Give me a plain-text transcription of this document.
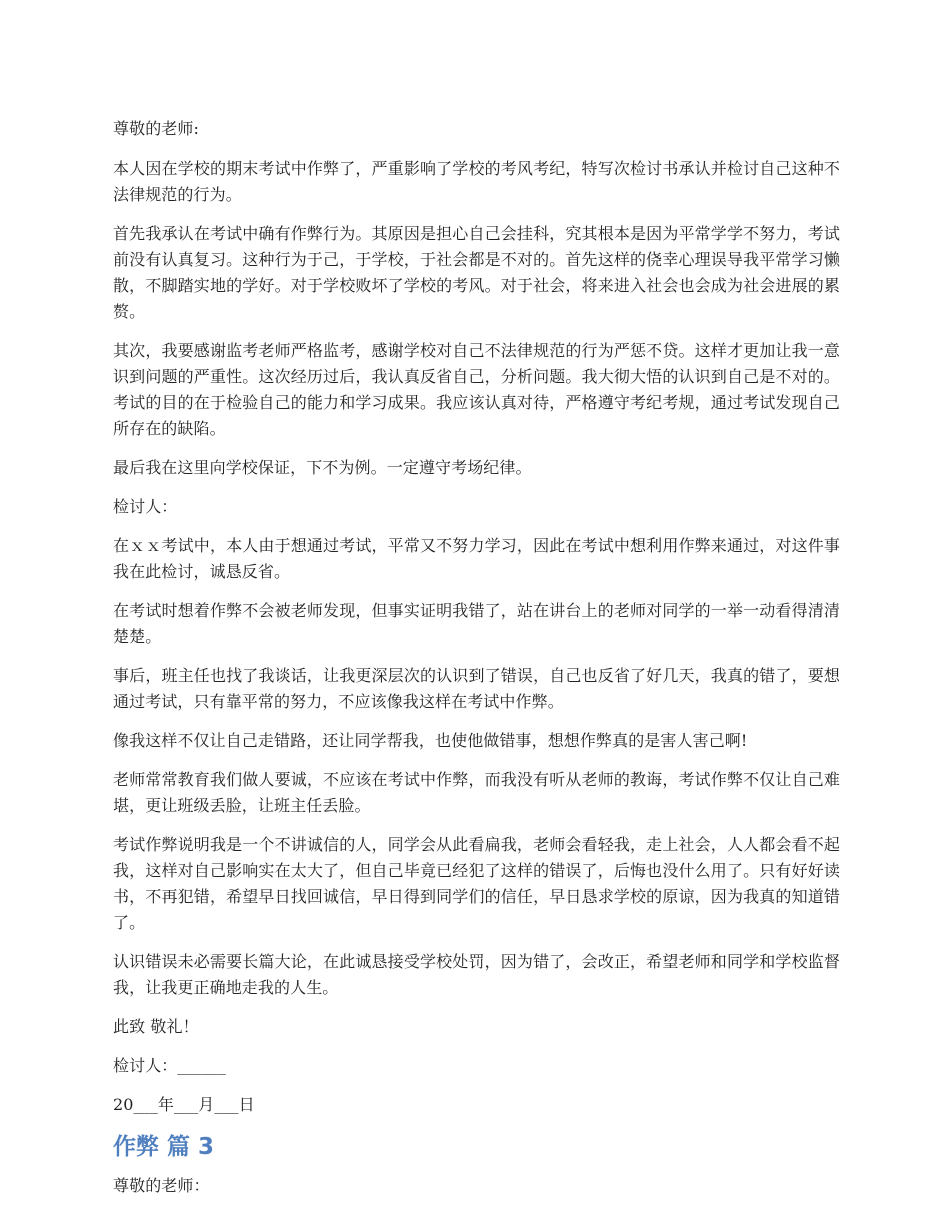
尊敬的老师:

本人因在学校的期末考试中作弊了，严重影响了学校的考风考纪，特写次检讨书承认并检讨自己这种不法律规范的行为。

首先我承认在考试中确有作弊行为。其原因是担心自己会挂科，究其根本是因为平常学学不努力，考试前没有认真复习。这种行为于己，于学校，于社会都是不对的。首先这样的侥幸心理误导我平常学习懒散，不脚踏实地的学好。对于学校败坏了学校的考风。对于社会，将来进入社会也会成为社会进展的累赘。

其次，我要感谢监考老师严格监考，感谢学校对自己不法律规范的行为严惩不贷。这样才更加让我一意识到问题的严重性。这次经历过后，我认真反省自己，分析问题。我大彻大悟的认识到自己是不对的。考试的目的在于检验自己的能力和学习成果。我应该认真对待，严格遵守考纪考规，通过考试发现自己所存在的缺陷。

最后我在这里向学校保证，下不为例。一定遵守考场纪律。

检讨人：

在ｘｘ考试中，本人由于想通过考试，平常又不努力学习，因此在考试中想利用作弊来通过，对这件事我在此检讨，诚恳反省。

在考试时想着作弊不会被老师发现，但事实证明我错了，站在讲台上的老师对同学的一举一动看得清清楚楚。

事后，班主任也找了我谈话，让我更深层次的认识到了错误，自己也反省了好几天，我真的错了，要想通过考试，只有靠平常的努力，不应该像我这样在考试中作弊。

像我这样不仅让自己走错路，还让同学帮我，也使他做错事，想想作弊真的是害人害己啊!

老师常常教育我们做人要诚，不应该在考试中作弊，而我没有听从老师的教诲，考试作弊不仅让自己难堪，更让班级丢脸，让班主任丢脸。

考试作弊说明我是一个不讲诚信的人，同学会从此看扁我，老师会看轻我，走上社会，人人都会看不起我，这样对自己影响实在太大了，但自己毕竟已经犯了这样的错误了，后悔也没什么用了。只有好好读书，不再犯错，希望早日找回诚信，早日得到同学们的信任，早日恳求学校的原谅，因为我真的知道错了。

认识错误未必需要长篇大论，在此诚恳接受学校处罚，因为错了，会改正，希望老师和同学和学校监督我，让我更正确地走我的人生。

此致 敬礼！

检讨人：______

20___年___月___日

作弊 篇 3

尊敬的老师：
